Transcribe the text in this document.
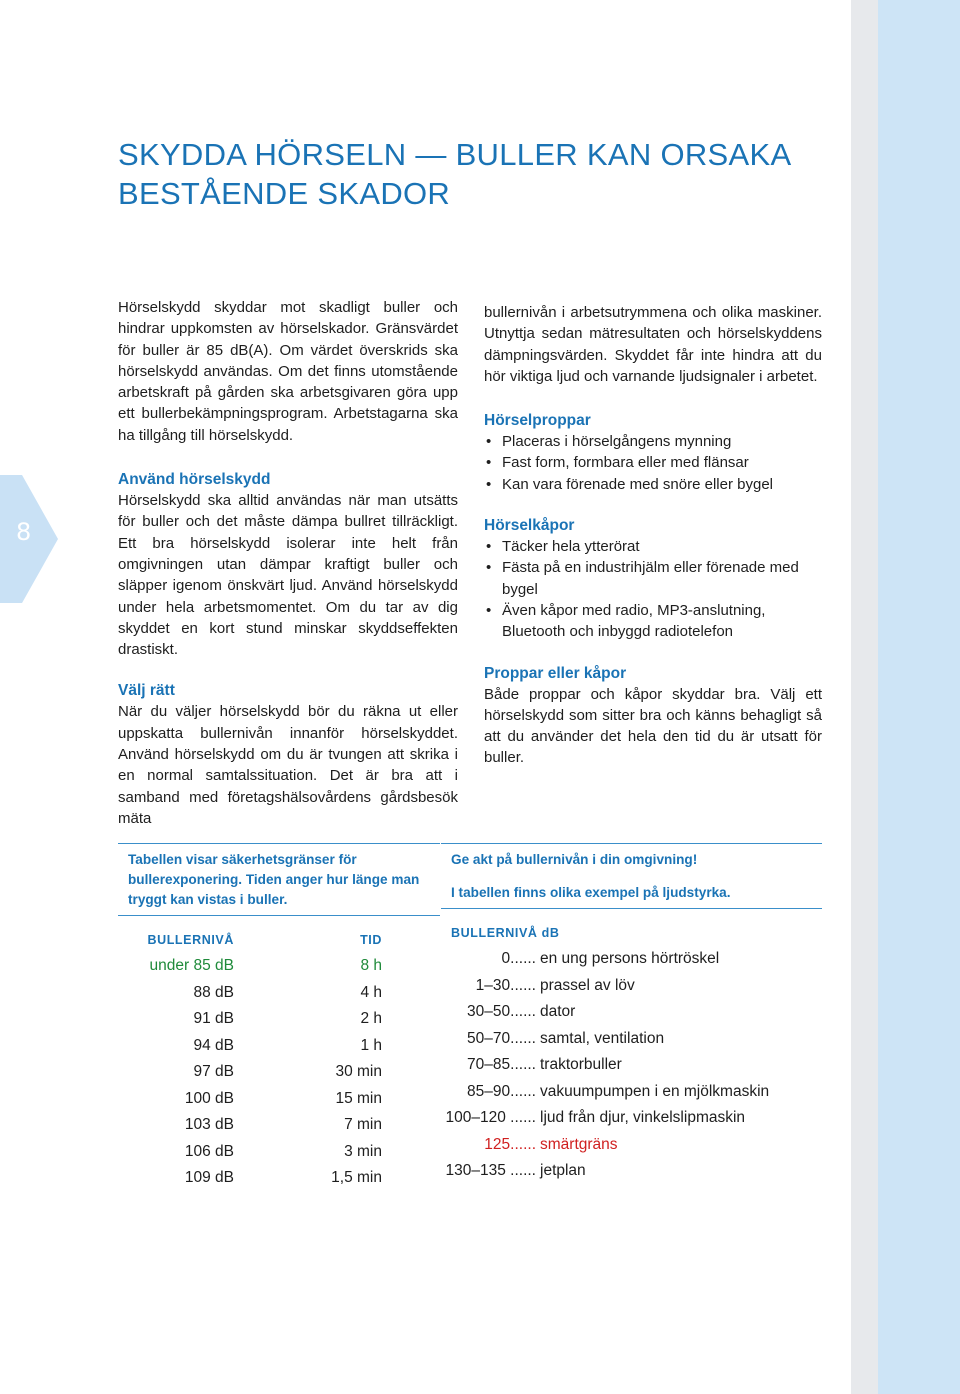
8
SKYDDA HÖRSELN — BULLER KAN ORSAKA BESTÅENDE SKADOR

Hörselskydd skyddar mot skadligt buller och hindrar uppkomsten av hörselskador. Gränsvärdet för buller är 85 dB(A). Om värdet överskrids ska hörselskydd användas. Om det finns utomstående arbetskraft på gården ska arbetsgivaren göra upp ett bullerbekämpningsprogram. Arbetstagarna ska ha tillgång till hörselskydd.

Använd hörselskydd

Hörselskydd ska alltid användas när man utsätts för buller och det måste dämpa bullret tillräckligt. Ett bra hörselskydd isolerar inte helt från omgivningen utan dämpar kraftigt buller och släpper igenom önskvärt ljud. Använd hörselskydd under hela arbetsmomentet. Om du tar av dig skyddet en kort stund minskar skyddseffekten drastiskt.

Välj rätt

När du väljer hörselskydd bör du räkna ut eller uppskatta bullernivån innanför hörselskyddet. Använd hörselskydd om du är tvungen att skrika i en normal samtalssituation. Det är bra att i samband med företagshälsovårdens gårdsbesök mäta

bullernivån i arbetsutrymmena och olika maskiner. Utnyttja sedan mätresultaten och hörselskyddens dämpningsvärden. Skyddet får inte hindra att du hör viktiga ljud och varnande ljudsignaler i arbetet.

Hörselproppar
• Placeras i hörselgångens mynning
• Fast form, formbara eller med flänsar
• Kan vara förenade med snöre eller bygel
Hörselkåpor
• Täcker hela ytterörat
• Fästa på en industrihjälm eller förenade med bygel
• Även kåpor med radio, MP3-anslutning, Bluetooth och inbyggd radiotelefon
Proppar eller kåpor

Både proppar och kåpor skyddar bra. Välj ett hörselskydd som sitter bra och känns behagligt så att du använder det hela den tid du är utsatt för buller.

Tabellen visar säkerhetsgränser för bullerexponering. Tiden anger hur länge man tryggt kan vistas i buller.
BULLERNIVÅ	TID
under 85 dB	8 h
88 dB	4 h
91 dB	2 h
94 dB	1 h
97 dB	30 min
100 dB	15 min
103 dB	7 min
106 dB	3 min
109 dB	1,5 min
Ge akt på bullernivån i din omgivning!
I tabellen finns olika exempel på ljudstyrka.
BULLERNIVÅ dB
0...... en ung persons hörtröskel
1–30...... prassel av löv
30–50...... dator
50–70...... samtal, ventilation
70–85...... traktorbuller
85–90...... vakuumpumpen i en mjölkmaskin
100–120 ...... ljud från djur, vinkelslipmaskin
125...... smärtgräns
130–135 ...... jetplan
